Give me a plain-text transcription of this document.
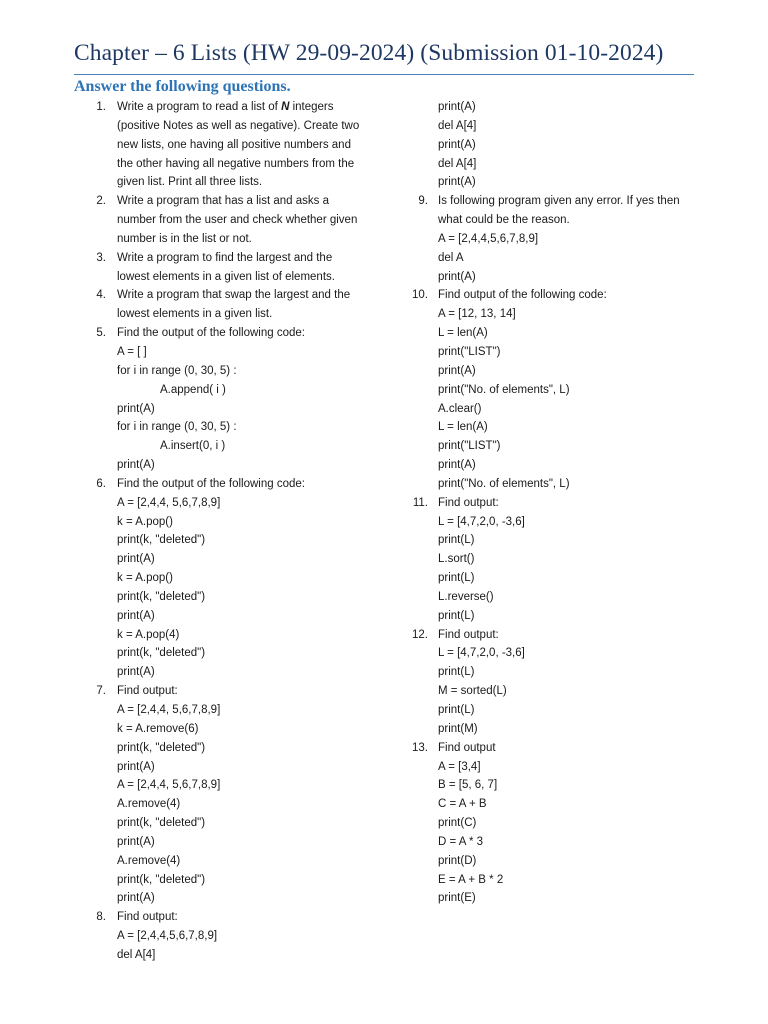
Chapter – 6 Lists (HW 29-09-2024) (Submission 01-10-2024)
Answer the following questions.
1. Write a program to read a list of N integers
(positive Notes as well as negative). Create two
new lists, one having all positive numbers and
the other having all negative numbers from the
given list. Print all three lists.
2. Write a program that has a list and asks a
number from the user and check whether given
number is in the list or not.
3. Write a program to find the largest and the
lowest elements in a given list of elements.
4. Write a program that swap the largest and the
lowest elements in a given list.
5. Find the output of the following code:
A = [ ]
for i in range (0, 30, 5) :
A.append( i )
print(A)
for i in range (0, 30, 5) :
A.insert(0, i )
print(A)
6. Find the output of the following code:
A = [2,4,4, 5,6,7,8,9]
k = A.pop()
print(k, "deleted")
print(A)
k = A.pop()
print(k, "deleted")
print(A)
k = A.pop(4)
print(k, "deleted")
print(A)
7. Find output:
A = [2,4,4, 5,6,7,8,9]
k = A.remove(6)
print(k, "deleted")
print(A)
A = [2,4,4, 5,6,7,8,9]
A.remove(4)
print(k, "deleted")
print(A)
A.remove(4)
print(k, "deleted")
print(A)
8. Find output:
A = [2,4,4,5,6,7,8,9]
del A[4]
print(A)
del A[4]
print(A)
del A[4]
print(A)
9. Is following program given any error. If yes then
what could be the reason.
A = [2,4,4,5,6,7,8,9]
del A
print(A)
10. Find output of the following code:
A = [12, 13, 14]
L = len(A)
print("LIST")
print(A)
print("No. of elements", L)
A.clear()
L = len(A)
print("LIST")
print(A)
print("No. of elements", L)
11. Find output:
L = [4,7,2,0, -3,6]
print(L)
L.sort()
print(L)
L.reverse()
print(L)
12. Find output:
L = [4,7,2,0, -3,6]
print(L)
M = sorted(L)
print(L)
print(M)
13. Find output
A = [3,4]
B = [5, 6, 7]
C = A + B
print(C)
D = A * 3
print(D)
E = A + B * 2
print(E)
